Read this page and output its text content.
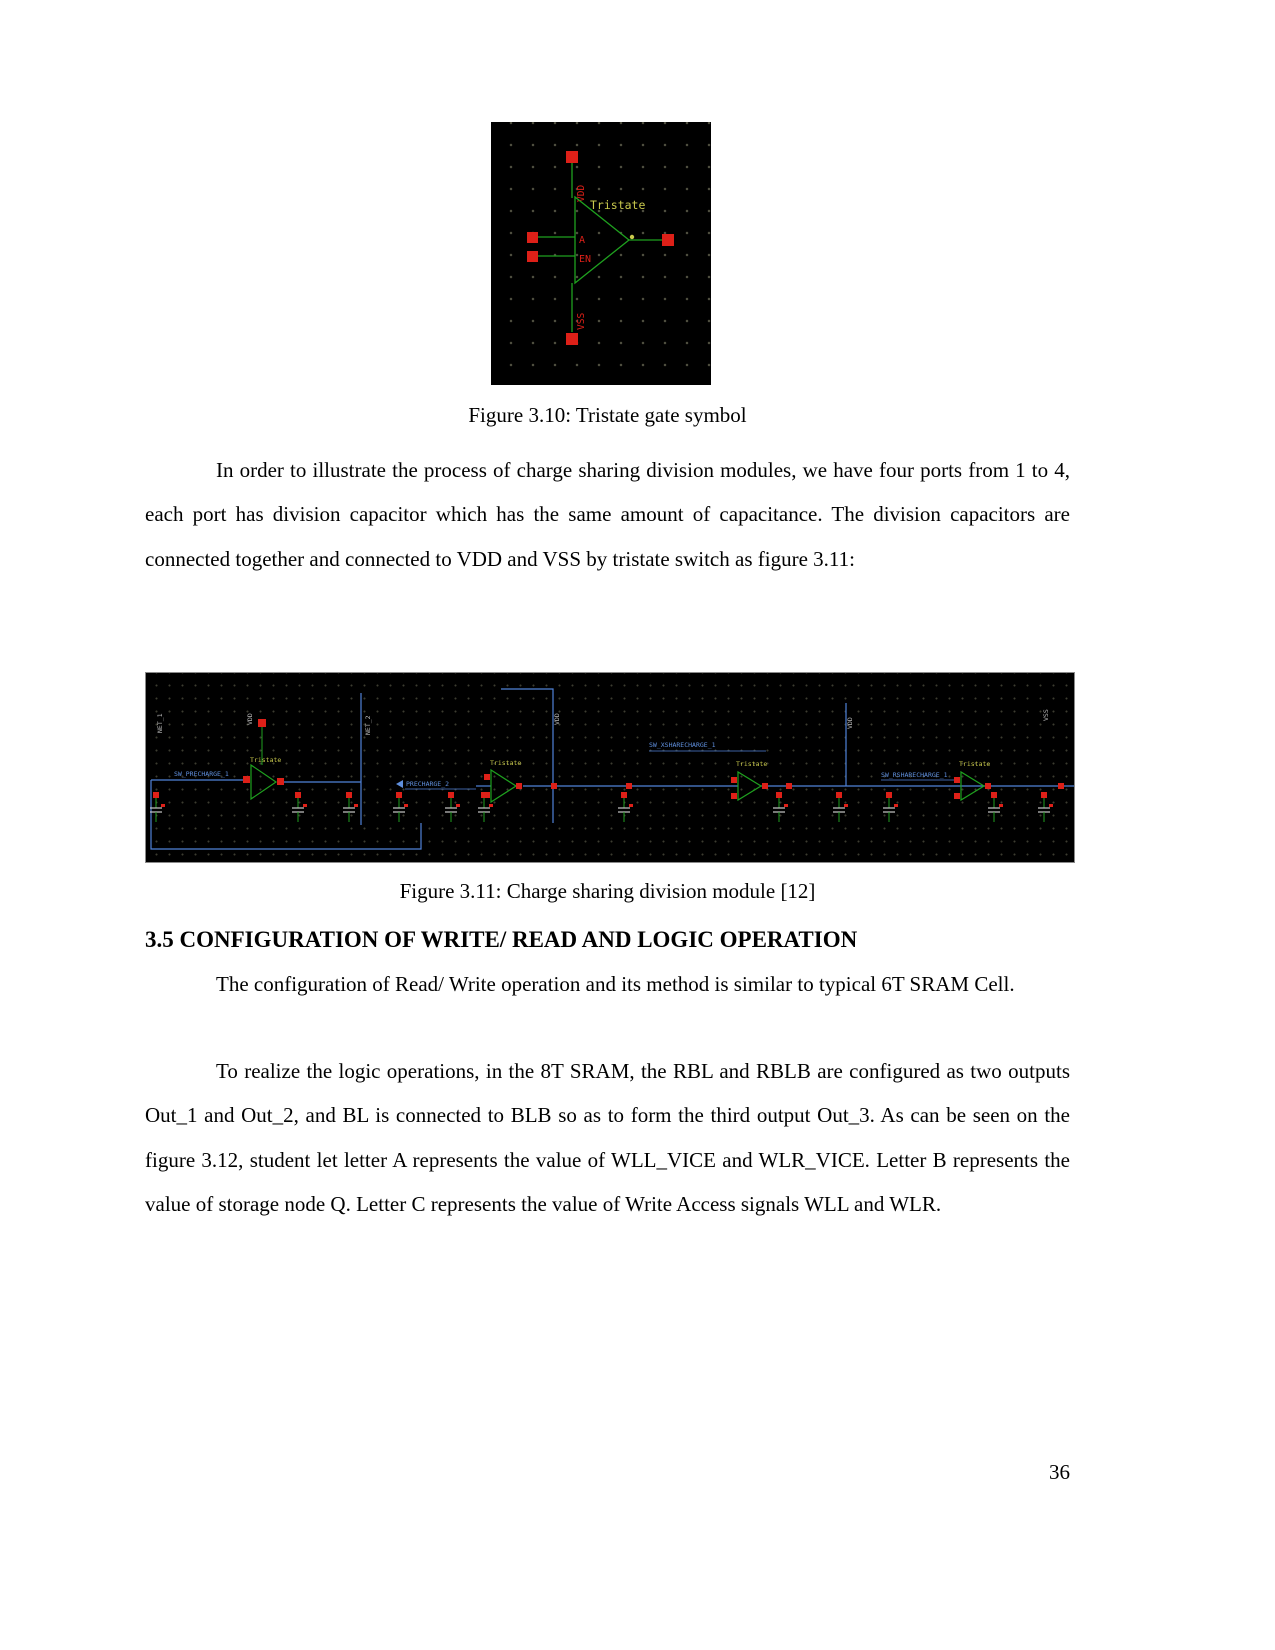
VDD
Tristate
A
EN
VSS
Figure 3.10: Tristate gate symbol

In order to illustrate the process of charge sharing division modules, we have four ports from 1 to 4, each port has division capacitor which has the same amount of capacitance. The division capacitors are connected together and connected to VDD and VSS by tristate switch as figure 3.11:

NET_1	VDD	NET_2	VDD	VDD
VSS
SW_PRECHARGE_1
PRECHARGE_2
SW_XSHARECHARGE_1
SW_RSHARECHARGE_1
Tristate	Tristate	Tristate	Tristate
Figure 3.11: Charge sharing division module [12]
3.5 CONFIGURATION OF WRITE/ READ AND LOGIC OPERATION

The configuration of Read/ Write operation and its method is similar to typical 6T SRAM Cell.

To realize the logic operations, in the 8T SRAM, the RBL and RBLB are configured as two outputs Out_1 and Out_2, and BL is connected to BLB so as to form the third output Out_3. As can be seen on the figure 3.12, student let letter A represents the value of WLL_VICE and WLR_VICE. Letter B represents the value of storage node Q. Letter C represents the value of Write Access signals WLL and WLR.

36
